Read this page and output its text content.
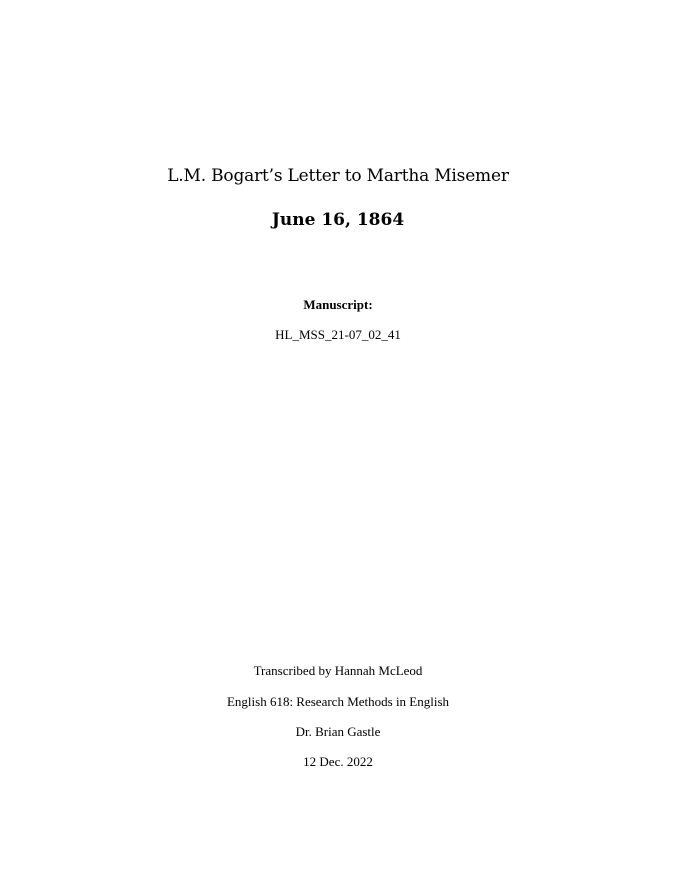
L.M. Bogart’s Letter to Martha Misemer
June 16, 1864
Manuscript:
HL_MSS_21-07_02_41
Transcribed by Hannah McLeod
English 618: Research Methods in English
Dr. Brian Gastle
12 Dec. 2022
